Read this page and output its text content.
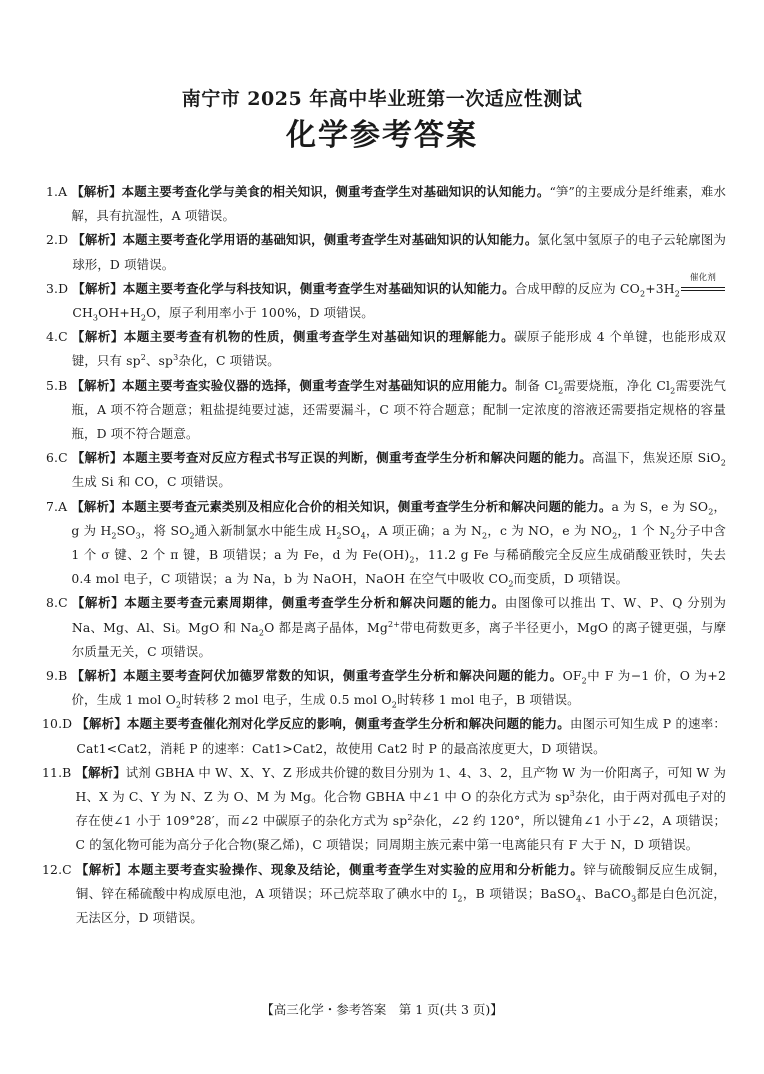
南宁市 2025 年高中毕业班第一次适应性测试
化学参考答案
1.A
【解析】本题主要考查化学与美食的相关知识，侧重考查学生对基础知识的认知能力。“笋”的主要成分是纤维素，难水解，具有抗湿性，A 项错误。
2.D
【解析】本题主要考查化学用语的基础知识，侧重考查学生对基础知识的认知能力。氯化氢中氢原子的电子云轮廓图为球形，D 项错误。
3.D
【解析】本题主要考查化学与科技知识，侧重考查学生对基础知识的认知能力。合成甲醇的反应为 $CO_2+3H_2$
催化剂
$CH_3OH+H_2O$，原子利用率小于 100%，D 项错误。
4.C
【解析】本题主要考查有机物的性质，侧重考查学生对基础知识的理解能力。碳原子能形成 4 个单键，也能形成双键，只有 $sp^2$、$sp^3$杂化，C 项错误。
5.B
【解析】本题主要考查实验仪器的选择，侧重考查学生对基础知识的应用能力。制备 $Cl_2$需要烧瓶，净化 $Cl_2$需要洗气瓶，A 项不符合题意；粗盐提纯要过滤，还需要漏斗，C 项不符合题意；配制一定浓度的溶液还需要指定规格的容量瓶，D 项不符合题意。
6.C
【解析】本题主要考查对反应方程式书写正误的判断，侧重考查学生分析和解决问题的能力。高温下，焦炭还原 SiO$_2$生成 Si 和 CO，C 项错误。
7.A
【解析】本题主要考查元素类别及相应化合价的相关知识，侧重考查学生分析和解决问题的能力。a 为 S，e 为 $SO_2$，g 为 $H_2SO_3$，将 $SO_2$通入新制氯水中能生成 $H_2SO_4$，A 项正确；a 为 $N_2$，c 为 NO，e 为 $NO_2$，1 个 $N_2$分子中含 1 个 σ 键、2 个 π 键，B 项错误；a 为 Fe，d 为 $Fe(OH)_2$，11.2 g Fe 与稀硝酸完全反应生成硝酸亚铁时，失去 0.4 mol 电子，C 项错误；a 为 Na，b 为 NaOH，NaOH 在空气中吸收 $CO_2$而变质，D 项错误。
8.C
【解析】本题主要考查元素周期律，侧重考查学生分析和解决问题的能力。由图像可以推出 T、W、P、Q 分别为 Na、Mg、Al、Si。MgO 和 $Na_2O$ 都是离子晶体，$Mg^{2+}$带电荷数更多，离子半径更小，MgO 的离子键更强，与摩尔质量无关，C 项错误。
9.B
【解析】本题主要考查阿伏加德罗常数的知识，侧重考查学生分析和解决问题的能力。$OF_2$中 F 为−1 价，O 为+2 价，生成 1 mol $O_2$时转移 2 mol 电子，生成 0.5 mol $O_2$时转移 1 mol 电子，B 项错误。
10.D
【解析】本题主要考查催化剂对化学反应的影响，侧重考查学生分析和解决问题的能力。由图示可知生成 P 的速率：Cat1<Cat2，消耗 P 的速率：Cat1>Cat2，故使用 Cat2 时 P 的最高浓度更大，D 项错误。
11.B
【解析】试剂 GBHA 中 W、X、Y、Z 形成共价键的数目分别为 1、4、3、2，且产物 W 为一价阳离子，可知 W 为 H、X 为 C、Y 为 N、Z 为 O、M 为 Mg。化合物 GBHA 中∠1 中 O 的杂化方式为 $sp^3$杂化，由于两对孤电子对的存在使∠1 小于 109°28′，而∠2 中碳原子的杂化方式为 $sp^2$杂化，∠2 约 120°，所以键角∠1 小于∠2，A 项错误；C 的氢化物可能为高分子化合物(聚乙烯)，C 项错误；同周期主族元素中第一电离能只有 F 大于 N，D 项错误。
12.C
【解析】本题主要考查实验操作、现象及结论，侧重考查学生对实验的应用和分析能力。锌与硫酸铜反应生成铜，铜、锌在稀硫酸中构成原电池，A 项错误；环己烷萃取了碘水中的 $I_2$，B 项错误；BaSO$_4$、BaCO$_3$都是白色沉淀，无法区分，D 项错误。
【高三化学・参考答案　第 1 页(共 3 页)】
